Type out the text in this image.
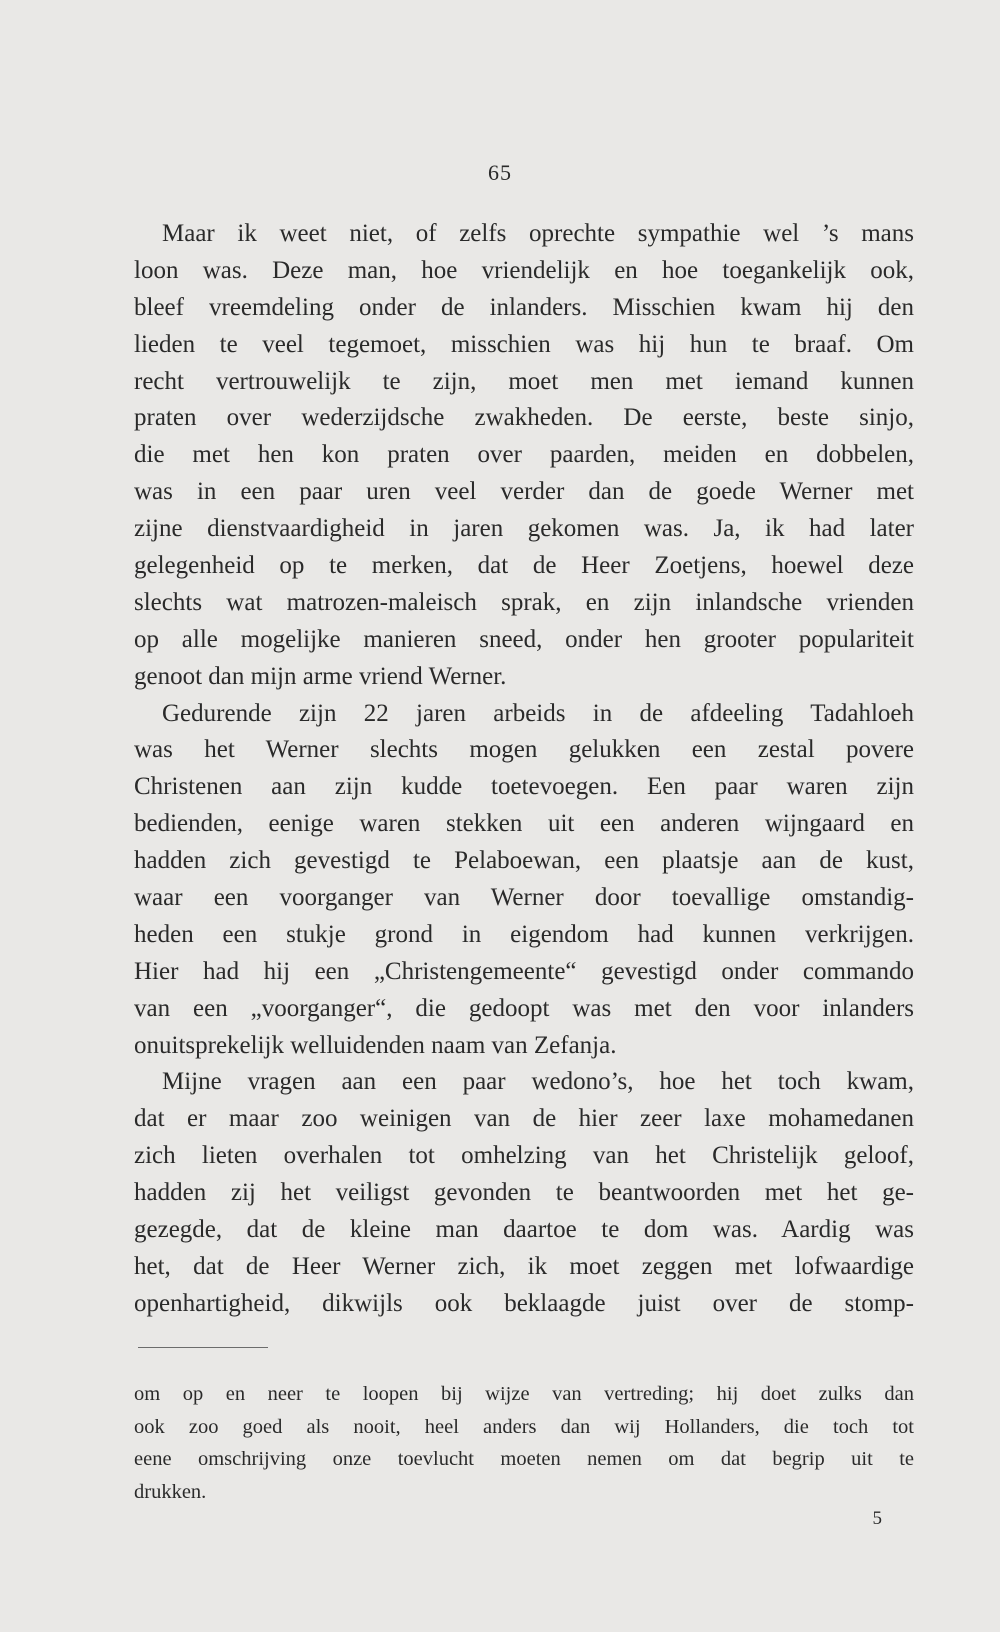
65
Maar ik weet niet, of zelfs oprechte sympathie wel ’s mans
loon was. Deze man, hoe vriendelijk en hoe toegankelijk ook,
bleef vreemdeling onder de inlanders. Misschien kwam hij den
lieden te veel tegemoet, misschien was hij hun te braaf. Om
recht vertrouwelijk te zijn, moet men met iemand kunnen
praten over wederzijdsche zwakheden. De eerste, beste sinjo,
die met hen kon praten over paarden, meiden en dobbelen,
was in een paar uren veel verder dan de goede Werner met
zijne dienstvaardigheid in jaren gekomen was. Ja, ik had later
gelegenheid op te merken, dat de Heer Zoetjens, hoewel deze
slechts wat matrozen-maleisch sprak, en zijn inlandsche vrienden
op alle mogelijke manieren sneed, onder hen grooter populariteit
genoot dan mijn arme vriend Werner.
Gedurende zijn 22 jaren arbeids in de afdeeling Tadahloeh
was het Werner slechts mogen gelukken een zestal povere
Christenen aan zijn kudde toetevoegen. Een paar waren zijn
bedienden, eenige waren stekken uit een anderen wijngaard en
hadden zich gevestigd te Pelaboewan, een plaatsje aan de kust,
waar een voorganger van Werner door toevallige omstandig-
heden een stukje grond in eigendom had kunnen verkrijgen.
Hier had hij een „Christengemeente“ gevestigd onder commando
van een „voorganger“, die gedoopt was met den voor inlanders
onuitsprekelijk welluidenden naam van Zefanja.
Mijne vragen aan een paar wedono’s, hoe het toch kwam,
dat er maar zoo weinigen van de hier zeer laxe mohamedanen
zich lieten overhalen tot omhelzing van het Christelijk geloof,
hadden zij het veiligst gevonden te beantwoorden met het ge-
gezegde, dat de kleine man daartoe te dom was. Aardig was
het, dat de Heer Werner zich, ik moet zeggen met lofwaardige
openhartigheid, dikwijls ook beklaagde juist over de stomp-
om op en neer te loopen bij wijze van vertreding; hij doet zulks dan
ook zoo goed als nooit, heel anders dan wij Hollanders, die toch tot
eene omschrijving onze toevlucht moeten nemen om dat begrip uit te
drukken.
5
